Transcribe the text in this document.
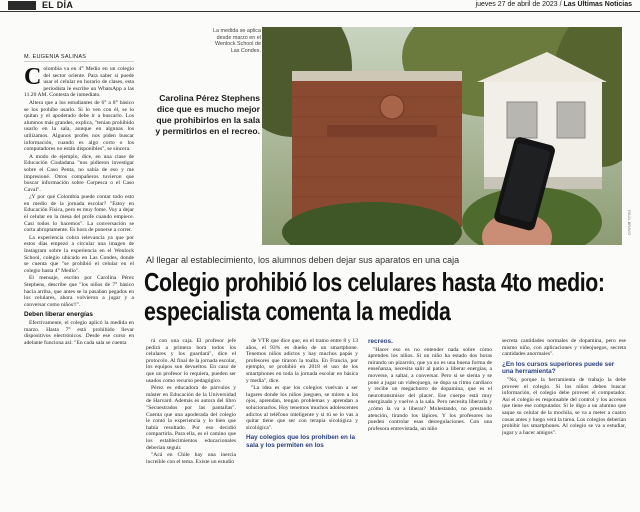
EL DÍA	jueves 27 de abril de 2023 / Las Últimas Noticias
M. EUGENIA SALINAS

Colombia va en 4° Medio en un colegio del sector oriente. Para saber si puede usar el celular en horario de clases, esta periodista le escribe un WhatsApp a las 11.20 AM. Contesta de inmediato.

Altera que a los estudiantes de 6° a 8° básico se los prohíbe usarlo. Si lo ven con él, se lo quitan y el apoderado debe ir a buscarlo. Los alumnos más grandes, explica, "tenían prohibido usarlo en la sala, aunque en algunas los utilizamos. Algunos profes nos piden buscar información, cuando es algo corto o los computadores no están disponibles", se sincera.

A modo de ejemplo, dice, en una clase de Educación Ciudadana "nos pidieron investigar sobre el Caso Penta, no sabía de eso y me impresioné. Otros compañeros tuvieron que buscar información sobre Corpesca o el Caso Caval".

¿Y por qué Colombia puede contar todo esto en medio de la jornada escolar? "Estoy en Educación Física, pero es muy fome. Voy a dejar el celular en la mesa del profe cuando empiece. Casi todos lo hacemos". La conversación se corta abruptamente. Es hora de ponerse a correr.

La experiencia cobra relevancia ya que por estos días empezó a circular una imagen de Instagram sobre la experiencia en el Wenlock School, colegio ubicado en Las Condes, donde se cuenta que "se prohibió el celular en el colegio hasta 4° Medio".

El mensaje, escrito por Carolina Pérez Stephens, describe que "los niños de 7° básico hacia arriba, que antes se la pasaban pegados en los celulares, ahora volvieron a jugar y a conversar como niños!!".

Deben liberar energías

Efectivamente, el colegio aplicó la medida en marzo. Hasta 7° está prohibido llevar dispositivos electrónicos. Desde ese curso en adelante funciona así: "En cada sala se cuenta

La medida se aplica desde marzo en el Wenlock School de Las Condes.
Carolina Pérez Stephens dice que es mucho mejor que prohibirlos en la sala y permitirlos en el recreo.
RAÚL BRAVO
Al llegar al establecimiento, los alumnos deben dejar sus aparatos en una caja
Colegio prohibió los celulares hasta 4to medio: especialista comenta la medida

rá con una caja. El profesor jefe pedirá a primera hora todos los celulares y los guardará", dice el protocolo. Al final de la jornada escolar, los equipos son devueltos. En caso de que un profesor lo requiera, pueden ser usados como recurso pedagógico.

Pérez es educadora de párvulos y máster en Educación de la Universidad de Harvard. Además es autora del libro "Secuestrados por las pantallas". Cuenta que una apoderada del colegio le contó la experiencia y lo bien que había resultado. Por eso decidió compartirla. Para ella, es el camino que los establecimientos educacionales deberían seguir.

"Acá en Chile hay una inercia increíble con el tema. Existe un estudio

de VTR que dice que, en el tramo entre 8 y 13 años, el 93% es dueño de un smartphone. Tenemos niños adictos y hay muchos papás y profesores que tiraron la toalla. En Francia, por ejemplo, se prohibió en 2018 el uso de los smartphones en toda la jornada escolar en básica y media", dice.

"La idea es que los colegios vuelvan a ser lugares donde los niños jueguen, se miren a los ojos, aprendan, tengan problemas y aprendan a solucionarlos. Hoy tenemos muchos adolescentes adictos al teléfono inteligente y si tú se lo vas a quitar tiene que ser con terapia sicológica y sicológica".

Hay colegios que los prohíben en la sala y los permiten en los
recreos.

"Hacer eso es no entender nada sobre cómo aprenden los niños. Si un niño ha estado dos horas mirando un pizarrón, que ya no es una buena forma de enseñanza, necesita salir al patio a liberar energías, a moverse, a saltar, a conversar. Pero si se sienta y se pone a jugar un videojuego, se dopa su ritmo cardíaco y recibe un megachorro de dopamina, que es el neurotransmisor del placer. Ese cuerpo está muy energizado y vuelve a la sala. Pero necesita liberarla y ¿cómo la va a liberar? Molestando, no prestando atención, tirando los lápices. Y los profesores no pueden controlar esas desregulaciones. Con una profesora entrevistada, un niño

secreta cantidades normales de dopamina, pero ese mismo niño, con aplicaciones y videojuegos, secreta cantidades anormales".

¿En los cursos superiores puede ser una herramienta?

"No, porque la herramienta de trabajo la debe proveer el colegio. Si los niños deben buscar información, el colegio debe proveer el computador. Así el colegio es responsable del control y los accesos que tiene ese computador. Si le digo a un alumno que saque su celular de la mochila, se va a meter a cuatro cosas antes y luego verá la tarea. Los colegios deberían prohibir los smartphones. Al colegio se va a estudiar, jugar y a hacer amigos".
